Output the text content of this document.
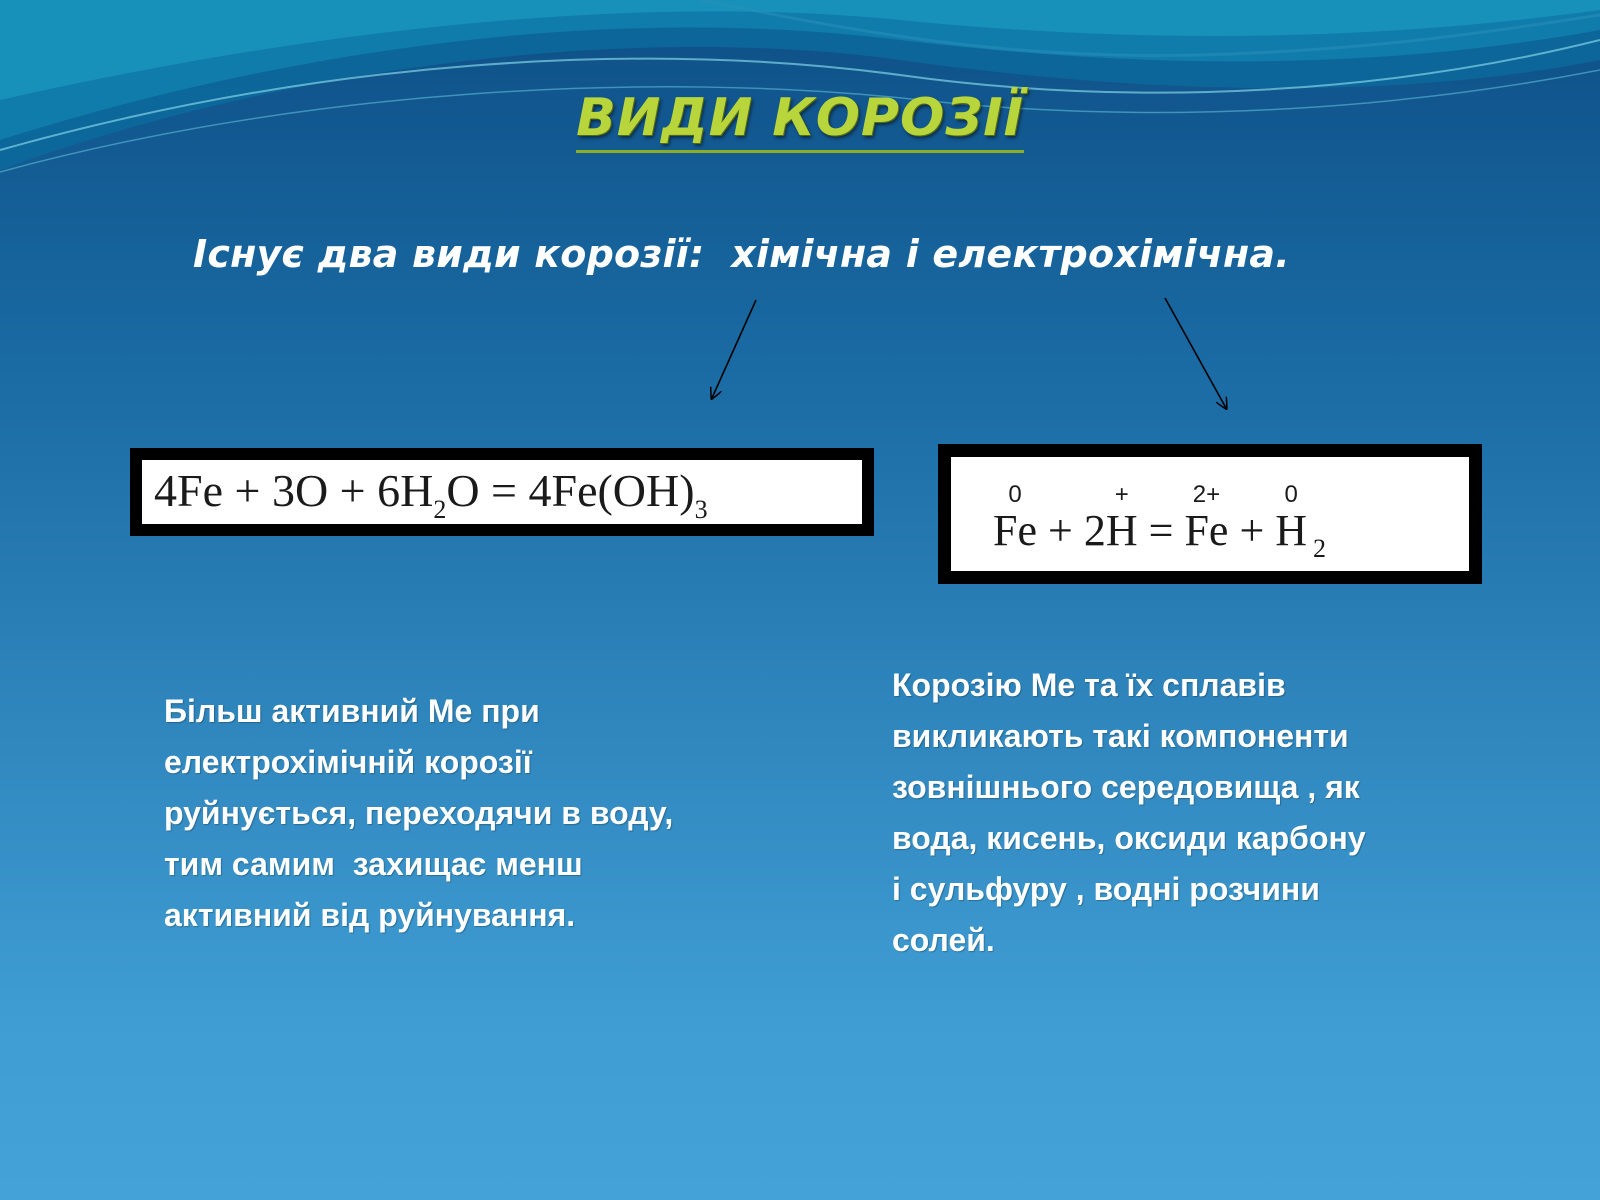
ВИДИ КОРОЗІЇ
Існує два види корозії:  хімічна і електрохімічна.
$4Fe + 3O + 6H_2O = 4Fe(OH)_3$
0
Fe + 2
+
H =
2+
Fe +
0
H $_2$
Більш активний Ме при
електрохімічній корозії
руйнується, переходячи в воду,
тим самим  захищає менш
активний від руйнування.
Корозію Ме та їх сплавів
викликають такі компоненти
зовнішнього середовища , як
вода, кисень, оксиди карбону
і сульфуру , водні розчини
солей.
